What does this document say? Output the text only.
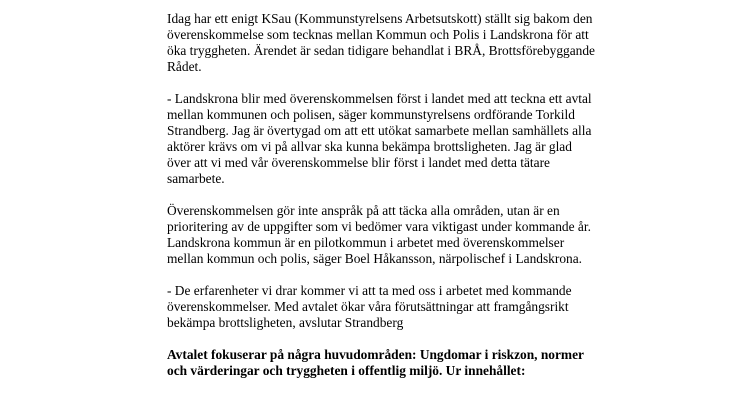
Idag har ett enigt KSau (Kommunstyrelsens Arbetsutskott) ställt sig bakom den
överenskommelse som tecknas mellan Kommun och Polis i Landskrona för att
öka tryggheten. Ärendet är sedan tidigare behandlat i BRÅ, Brottsförebyggande
Rådet.

- Landskrona blir med överenskommelsen först i landet med att teckna ett avtal
mellan kommunen och polisen, säger kommunstyrelsens ordförande Torkild
Strandberg. Jag är övertygad om att ett utökat samarbete mellan samhällets alla
aktörer krävs om vi på allvar ska kunna bekämpa brottsligheten. Jag är glad
över att vi med vår överenskommelse blir först i landet med detta tätare
samarbete.

Överenskommelsen gör inte anspråk på att täcka alla områden, utan är en
prioritering av de uppgifter som vi bedömer vara viktigast under kommande år.
Landskrona kommun är en pilotkommun i arbetet med överenskommelser
mellan kommun och polis, säger Boel Håkansson, närpolischef i Landskrona.

- De erfarenheter vi drar kommer vi att ta med oss i arbetet med kommande
överenskommelser. Med avtalet ökar våra förutsättningar att framgångsrikt
bekämpa brottsligheten, avslutar Strandberg

Avtalet fokuserar på några huvudområden: Ungdomar i riskzon, normer
och värderingar och tryggheten i offentlig miljö. Ur innehållet:
